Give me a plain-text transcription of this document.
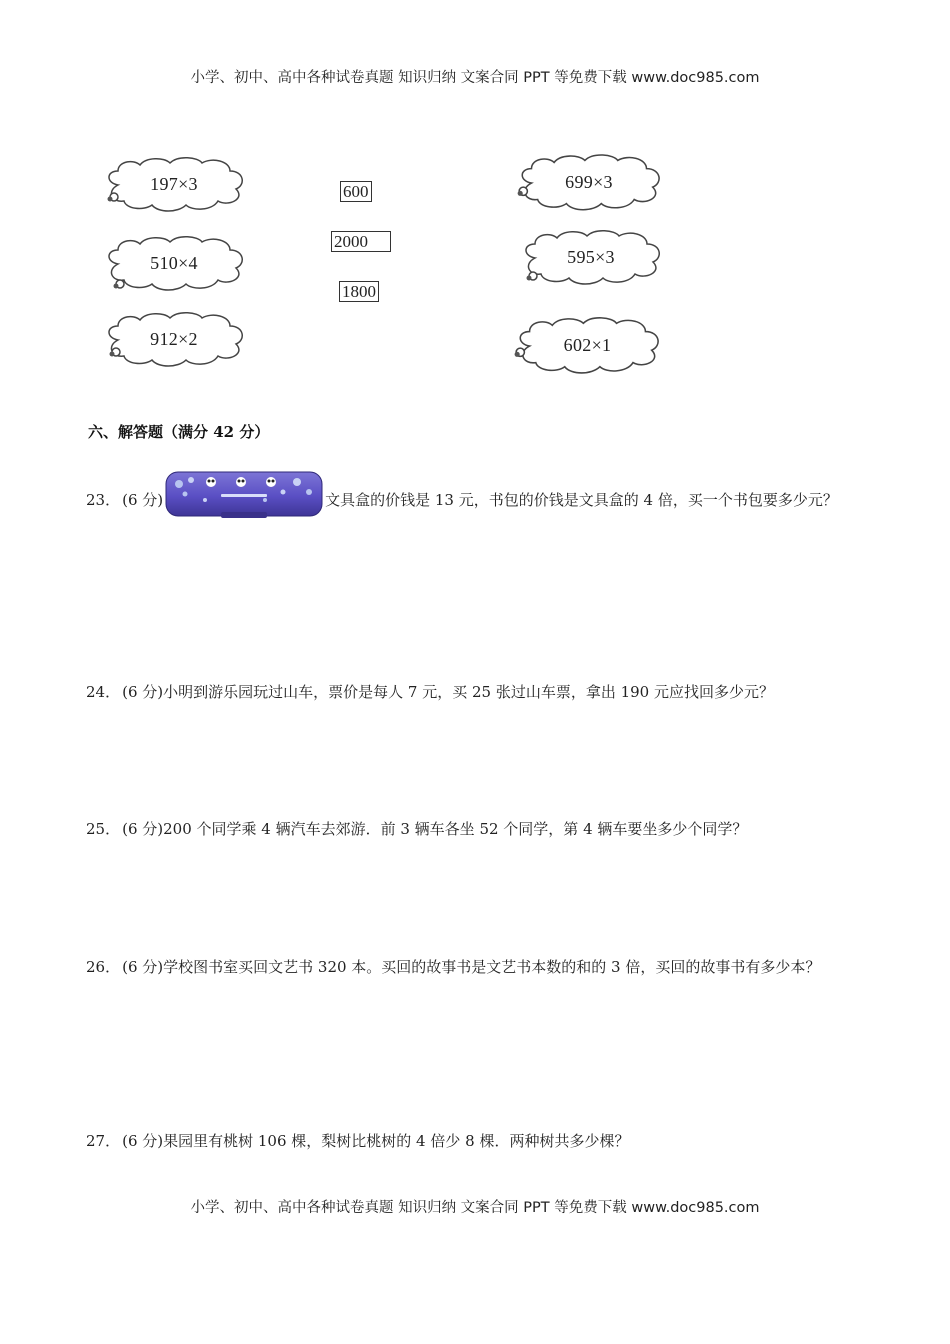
小学、初中、高中各种试卷真题 知识归纳 文案合同 PPT 等免费下载 www.doc985.com
197×3
510×4
912×2
600
2000
1800
699×3
595×3
602×1
六、解答题（满分 42 分）
23． (6 分)	文具盒的价钱是 13 元，书包的价钱是文具盒的 4 倍，买一个书包要多少元？
24． (6 分)小明到游乐园玩过山车，票价是每人 7 元，买 25 张过山车票，拿出 190 元应找回多少元？
25． (6 分)200 个同学乘 4 辆汽车去郊游．前 3 辆车各坐 52 个同学，第 4 辆车要坐多少个同学？
26． (6 分)学校图书室买回文艺书 320 本。买回的故事书是文艺书本数的和的 3 倍，买回的故事书有多少本？
27． (6 分)果园里有桃树 106 棵，梨树比桃树的 4 倍少 8 棵．两种树共多少棵？
小学、初中、高中各种试卷真题 知识归纳 文案合同 PPT 等免费下载 www.doc985.com
